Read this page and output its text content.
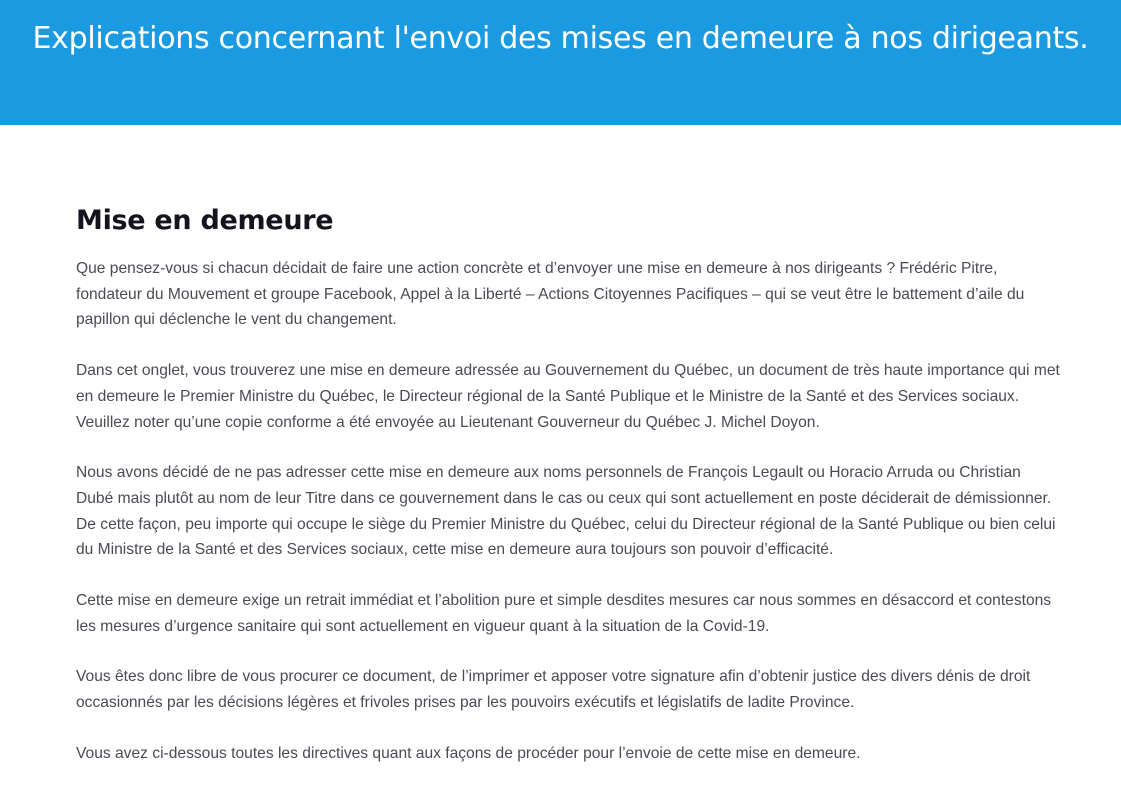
Explications concernant l'envoi des mises en demeure à nos dirigeants.
Mise en demeure

Que pensez-vous si chacun décidait de faire une action concrète et d’envoyer une mise en demeure à nos dirigeants ? Frédéric Pitre, fondateur du Mouvement et groupe Facebook, Appel à la Liberté – Actions Citoyennes Pacifiques – qui se veut être le battement d’aile du papillon qui déclenche le vent du changement.

Dans cet onglet, vous trouverez une mise en demeure adressée au Gouvernement du Québec, un document de très haute importance qui met en demeure le Premier Ministre du Québec, le Directeur régional de la Santé Publique et le Ministre de la Santé et des Services sociaux. Veuillez noter qu’une copie conforme a été envoyée au Lieutenant Gouverneur du Québec J. Michel Doyon.

Nous avons décidé de ne pas adresser cette mise en demeure aux noms personnels de François Legault ou Horacio Arruda ou Christian Dubé mais plutôt au nom de leur Titre dans ce gouvernement dans le cas ou ceux qui sont actuellement en poste déciderait de démissionner. De cette façon, peu importe qui occupe le siège du Premier Ministre du Québec, celui du Directeur régional de la Santé Publique ou bien celui du Ministre de la Santé et des Services sociaux, cette mise en demeure aura toujours son pouvoir d’efficacité.

Cette mise en demeure exige un retrait immédiat et l’abolition pure et simple desdites mesures car nous sommes en désaccord et contestons les mesures d’urgence sanitaire qui sont actuellement en vigueur quant à la situation de la Covid-19.

Vous êtes donc libre de vous procurer ce document, de l’imprimer et apposer votre signature afin d’obtenir justice des divers dénis de droit occasionnés par les décisions légères et frivoles prises par les pouvoirs exécutifs et législatifs de ladite Province.

Vous avez ci-dessous toutes les directives quant aux façons de procéder pour l’envoie de cette mise en demeure.
